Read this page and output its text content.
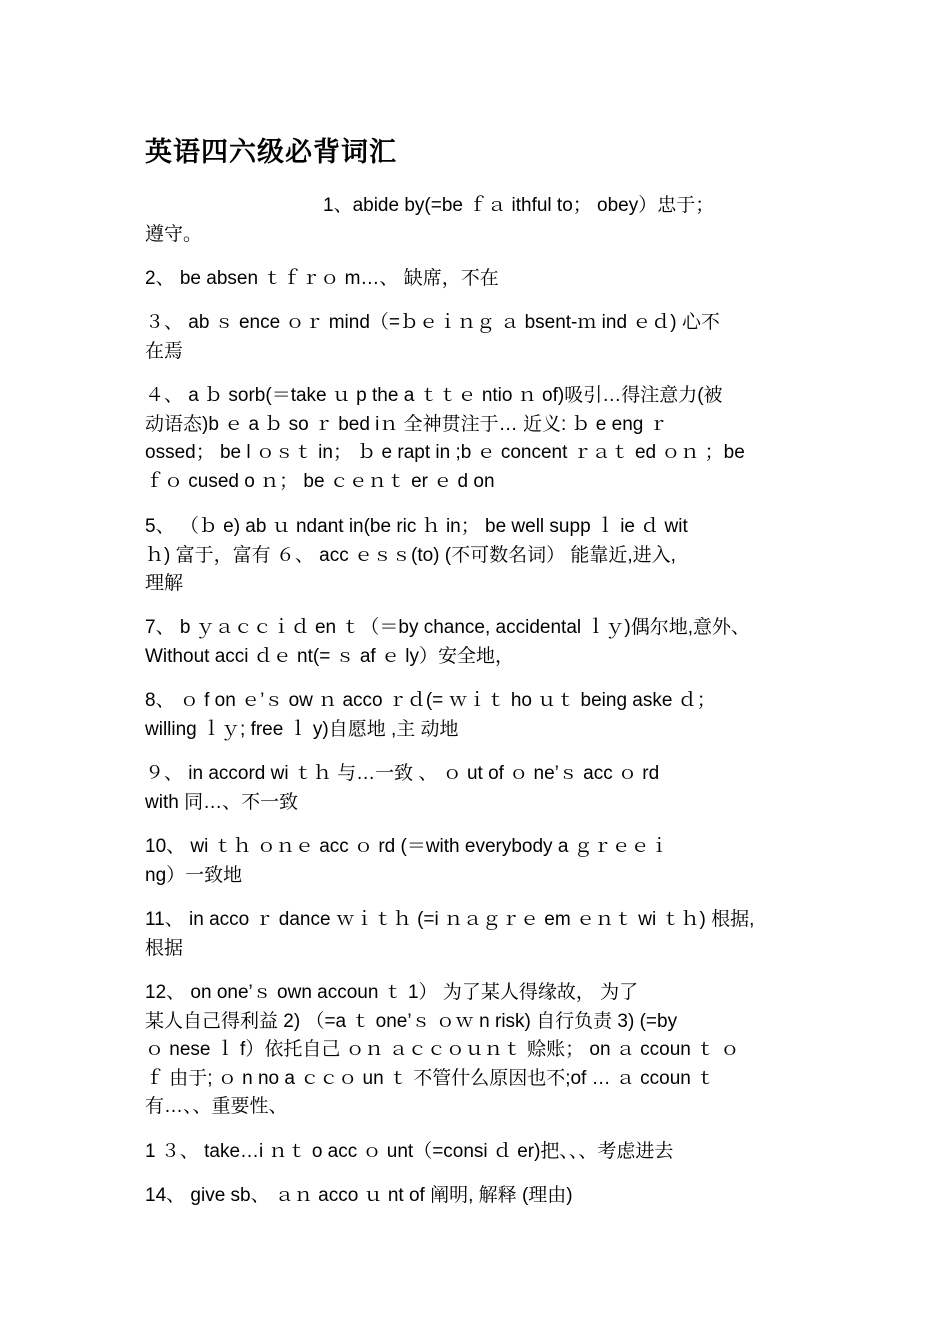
英语四六级必背词汇
1、abide by(=be ｆａ ithful to； obey）忠于；
遵守。
2、 be absen ｔｆｒｏ m…、 缺席，不在
３、 ab ｓ ence ｏｒ mind（=ｂｅｉｎｇ ａ bsent-ｍ ind ｅｄ) 心不
在焉
４、 a ｂ sorb(＝take ｕ p the a ｔｔｅ ntio ｎ of)吸引…得注意力(被
动语态)b ｅ a ｂ so ｒ bed iｎ 全神贯注于… 近义: ｂ e eng ｒ
ossed； be l ｏｓｔ in； ｂ e rapt in ;b ｅ concent ｒａｔ ed ｏｎ ；be
ｆｏ cused o ｎ； be ｃｅｎｔ er ｅ d on
5、 （ｂ e) ab ｕ ndant in(be ric ｈ in； be well supp ｌ ie ｄ wit
ｈ) 富于，富有 ６、 acc ｅｓｓ(to) (不可数名词） 能靠近,进入,
理解
7、 b ｙａｃｃｉｄ en ｔ（＝by chance, accidental ｌｙ)偶尔地,意外、
Without acci ｄｅ nt(= ｓ af ｅ ly）安全地，
8、 ｏ f on ｅ’ｓ ow ｎ acco ｒｄ(= ｗｉｔ ho ｕｔ being aske ｄ；
willing ｌｙ; free ｌ y)自愿地 ,主 动地
９、 in accord wi ｔｈ 与…一致 、 ｏ ut of ｏ ne’ｓ acc ｏ rd
with 同…、不一致
10、 wi ｔｈ ｏｎｅ acc ｏ rd (＝with everybody a ｇｒｅｅｉ
ng）一致地
11、 in acco ｒ dance ｗｉｔｈ (=i ｎａｇｒｅ em ｅｎｔ wi ｔｈ) 根据,
根据
12、 on one’ｓ own accoun ｔ 1） 为了某人得缘故， 为了
某人自己得利益 2) （=a ｔ one’ｓ ｏｗ n risk) 自行负责 3) (=by
ｏ nese ｌ f）依托自己 ｏｎ ａｃｃｏｕｎｔ 赊账； on ａ ccoun ｔ ｏ
ｆ 由于; ｏ n no a ｃｃｏ un ｔ 不管什么原因也不;of … ａ ccoun ｔ
有…、、重要性、
1 ３、 take…i ｎｔ o acc ｏ unt（=consi ｄ er)把、、、考虑进去
14、 give sb、 ａｎ acco ｕ nt of 阐明, 解释 (理由)
